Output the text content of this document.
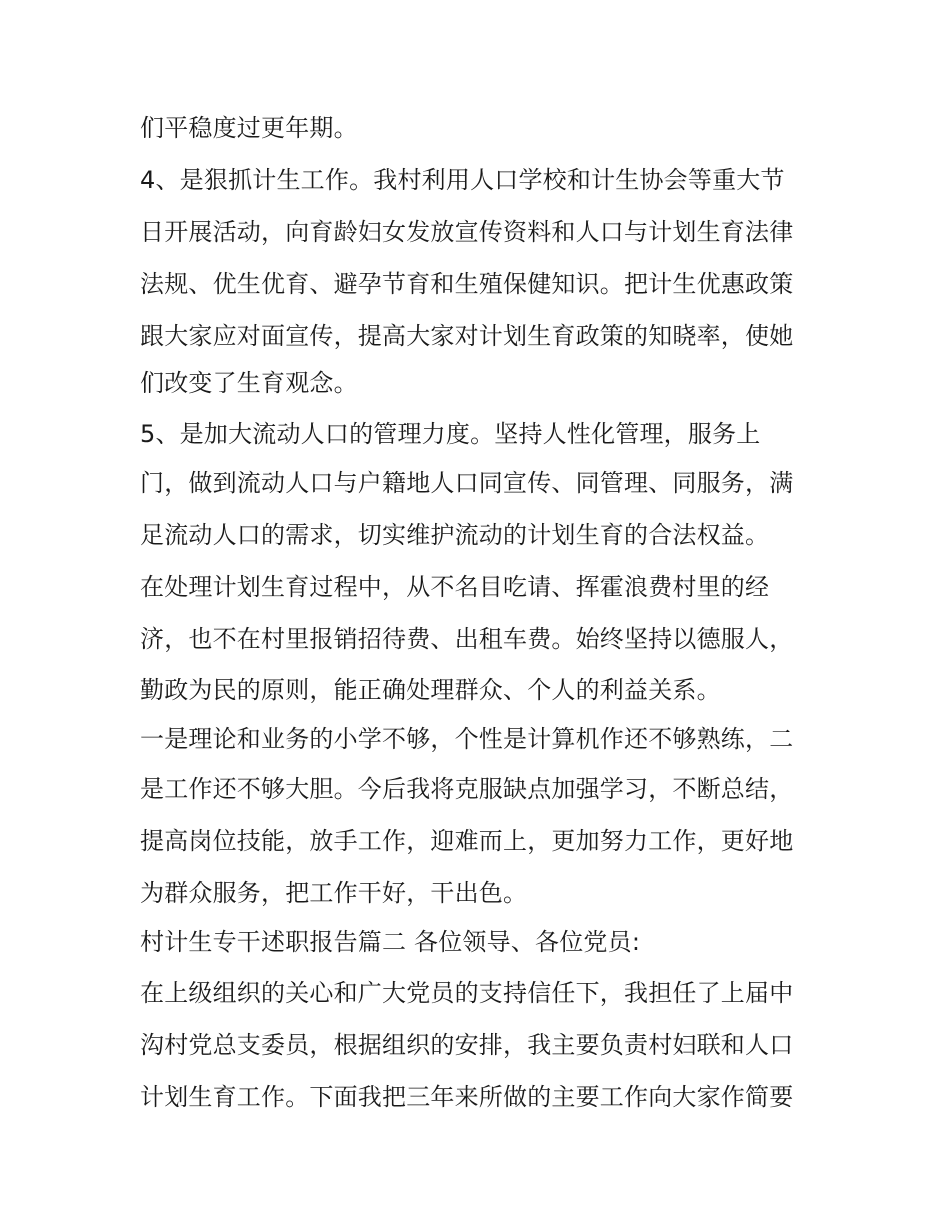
们平稳度过更年期。
4、是狠抓计生工作。我村利用人口学校和计生协会等重大节
日开展活动，向育龄妇女发放宣传资料和人口与计划生育法律
法规、优生优育、避孕节育和生殖保健知识。把计生优惠政策
跟大家应对面宣传，提高大家对计划生育政策的知晓率，使她
们改变了生育观念。
5、是加大流动人口的管理力度。坚持人性化管理，服务上
门，做到流动人口与户籍地人口同宣传、同管理、同服务，满
足流动人口的需求，切实维护流动的计划生育的合法权益。
在处理计划生育过程中，从不名目吃请、挥霍浪费村里的经
济，也不在村里报销招待费、出租车费。始终坚持以德服人，
勤政为民的原则，能正确处理群众、个人的利益关系。
一是理论和业务的小学不够，个性是计算机作还不够熟练，二
是工作还不够大胆。今后我将克服缺点加强学习，不断总结，
提高岗位技能，放手工作，迎难而上，更加努力工作，更好地
为群众服务，把工作干好，干出色。
村计生专干述职报告篇二 各位领导、各位党员:
在上级组织的关心和广大党员的支持信任下，我担任了上届中
沟村党总支委员，根据组织的安排，我主要负责村妇联和人口
计划生育工作。下面我把三年来所做的主要工作向大家作简要
